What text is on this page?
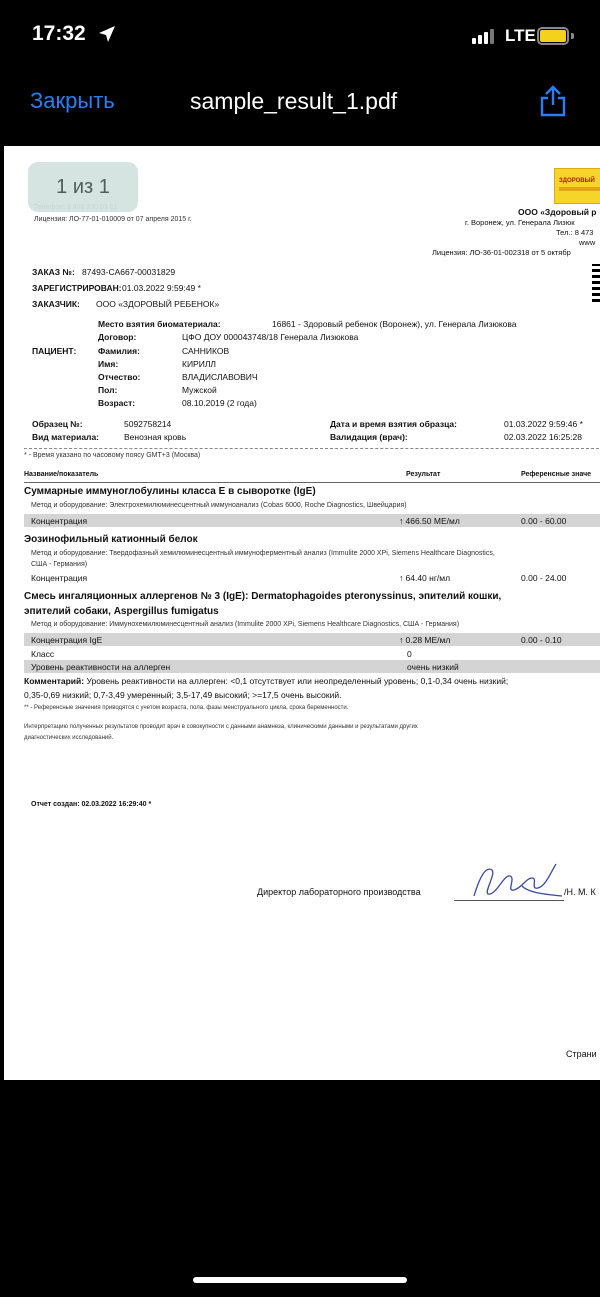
17:32	LTE
Закрыть	sample_result_1.pdf
1 из 1
Лицензия: ЛО-77-01-010009 от 07 апреля 2015 г.
ЗДОРОВЫЙ
ООО «Здоровый р
г. Воронеж, ул. Генерала Лизюк
Тел.: 8 473
www
Лицензия: ЛО-36-01-002318 от 5 октябр
ЗАКАЗ №: 87493-CA667-00031829
ЗАРЕГИСТРИРОВАН: 01.03.2022 9:59:49 *
ЗАКАЗЧИК: ООО «ЗДОРОВЫЙ РЕБЕНОК»
Место взятия биоматериала:	16861 - Здоровый ребенок (Воронеж), ул. Генерала Лизюкова
Договор:	ЦФО ДОУ 000043748/18 Генерала Лизюкова
ПАЦИЕНТ:	Фамилия:	САННИКОВ
Имя:	КИРИЛЛ
Отчество:	ВЛАДИСЛАВОВИЧ
Пол:	Мужской
Возраст:	08.10.2019 (2 года)
Образец №:	5092758214
Вид материала:	Венозная кровь
Дата и время взятия образца:	01.03.2022 9:59:46 *
Валидация (врач):	02.03.2022 16:25:28
* - Время указано по часовому поясу GMT+3 (Москва)
Название/показатель	Результат	Референсные значе
Суммарные иммуноглобулины класса Е в сыворотке (IgE)
Метод и оборудование: Электрохемилюминесцентный иммуноанализ (Cobas 6000, Roche Diagnostics, Швейцария)
Концентрация	↑ 466.50 МЕ/мл	0.00 - 60.00
Эозинофильный катионный белок
Метод и оборудование: Твердофазный хемилюминесцентный иммуноферментный анализ (Immulite 2000 XPi, Siemens Healthcare Diagnostics,
США - Германия)
Концентрация	↑ 64.40 нг/мл	0.00 - 24.00
Смесь ингаляционных аллергенов № 3 (IgE): Dermatophagoides pteronyssinus, эпителий кошки,
эпителий собаки, Aspergillus fumigatus
Метод и оборудование: Иммунохемилюминесцентный анализ (Immulite 2000 XPi, Siemens Healthcare Diagnostics, США - Германия)
Концентрация IgE	↑ 0.28 МЕ/мл	0.00 - 0.10
Класс	0
Уровень реактивности на аллерген	очень низкий
Комментарий: Уровень реактивности на аллерген: <0,1 отсутствует или неопределенный уровень; 0,1-0,34 очень низкий;
0,35-0,69 низкий; 0,7-3,49 умеренный; 3,5-17,49 высокий; >=17,5 очень высокий.
** - Референсные значения приводятся с учетом возраста, пола, фазы менструального цикла, срока беременности.
Интерпретацию полученных результатов проводит врач в совокупности с данными анамнеза, клиническими данными и результатами других
диагностических исследований.
Отчет создан: 02.03.2022 16:29:40 *
Директор лабораторного производства	/Н. М. К
Страни
